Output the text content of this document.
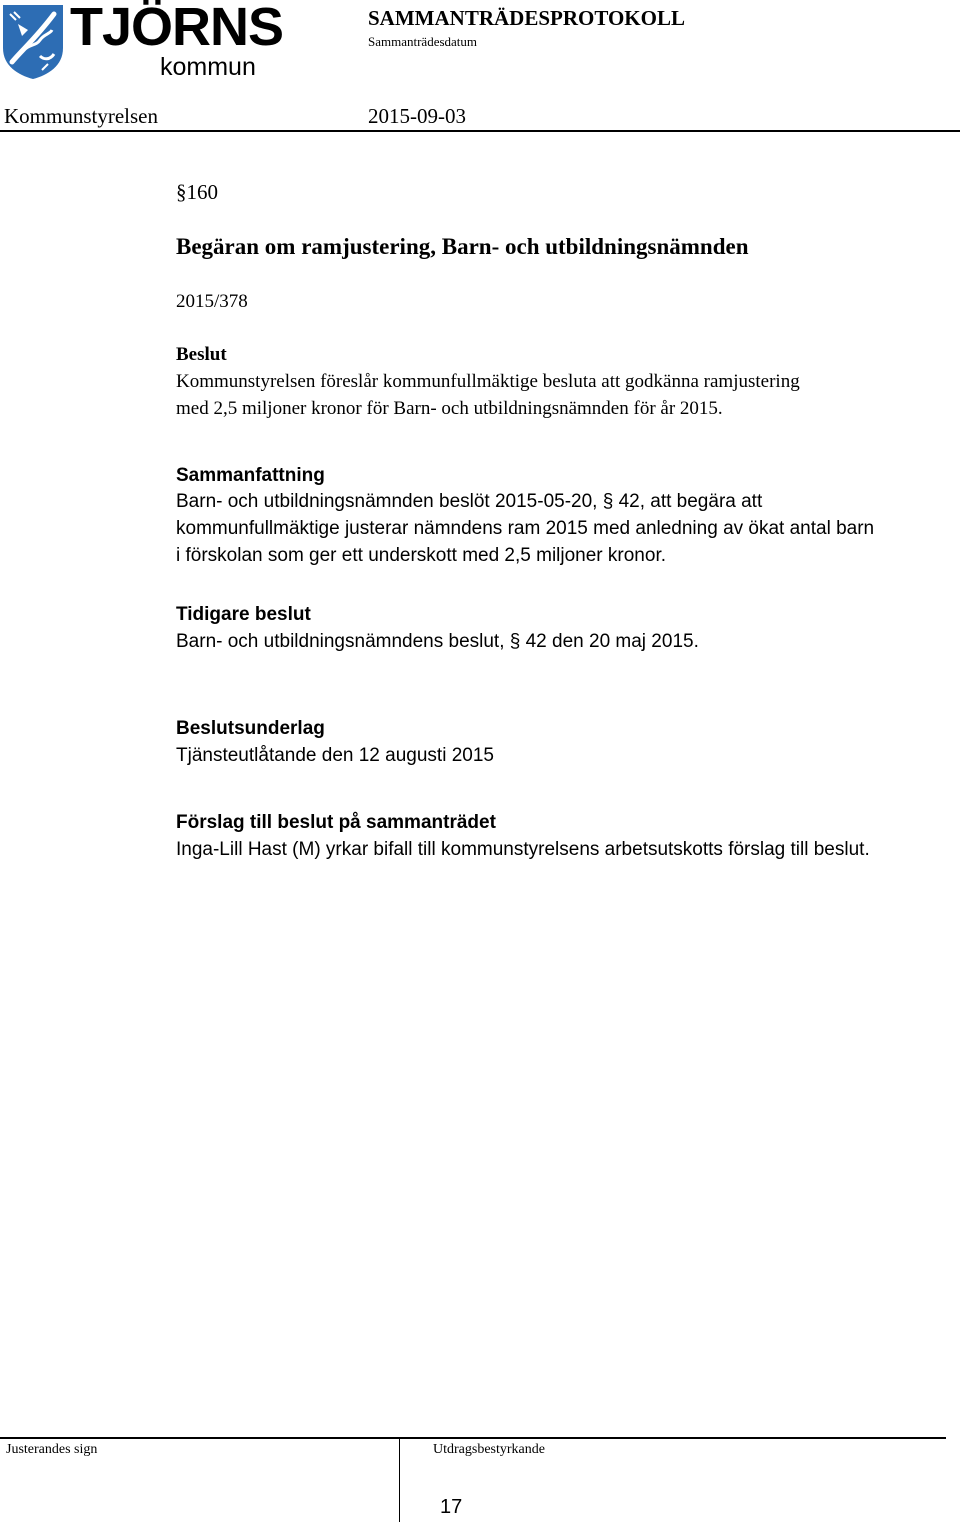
TJÖRNS
kommun
SAMMANTRÄDESPROTOKOLL
Sammanträdesdatum
Kommunstyrelsen	2015-09-03
§160
Begäran om ramjustering, Barn- och utbildningsnämnden
2015/378
Beslut
Kommunstyrelsen föreslår kommunfullmäktige besluta att godkänna ramjustering
med 2,5 miljoner kronor för Barn- och utbildningsnämnden för år 2015.
Sammanfattning
Barn- och utbildningsnämnden beslöt 2015-05-20, § 42, att begära att
kommunfullmäktige justerar nämndens ram 2015 med anledning av ökat antal barn
i förskolan som ger ett underskott med 2,5 miljoner kronor.
Tidigare beslut
Barn- och utbildningsnämndens beslut, § 42 den 20 maj 2015.
Beslutsunderlag
Tjänsteutlåtande den 12 augusti 2015
Förslag till beslut på sammanträdet
Inga-Lill Hast (M) yrkar bifall till kommunstyrelsens arbetsutskotts förslag till beslut.
Justerandes sign	Utdragsbestyrkande
17
